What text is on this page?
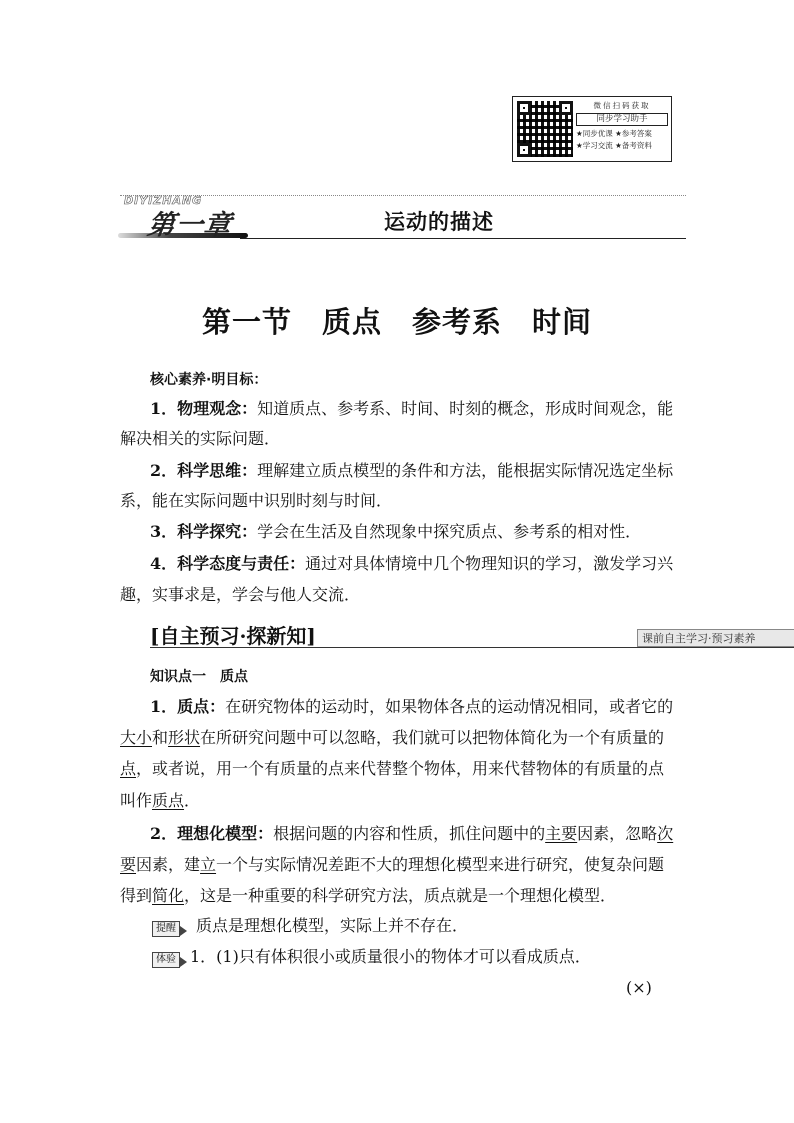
微信扫码获取
同步学习助手
★同步优课 ★参考答案
★学习交流 ★备考资料
DIYIZHANG
第一章	运动的描述
第一节　质点　参考系　时间
核心素养·明目标：
1．物理观念：知道质点、参考系、时间、时刻的概念，形成时间观念，能
解决相关的实际问题．
2．科学思维：理解建立质点模型的条件和方法，能根据实际情况选定坐标
系，能在实际问题中识别时刻与时间．
3．科学探究：学会在生活及自然现象中探究质点、参考系的相对性．
4．科学态度与责任：通过对具体情境中几个物理知识的学习，激发学习兴
趣，实事求是，学会与他人交流．
[自主预习·探新知]	课前自主学习·预习素养
知识点一　质点
1．质点：在研究物体的运动时，如果物体各点的运动情况相同，或者它的
大小和形状在所研究问题中可以忽略，我们就可以把物体简化为一个有质量的
点，或者说，用一个有质量的点来代替整个物体，用来代替物体的有质量的点
叫作质点．
2．理想化模型：根据问题的内容和性质，抓住问题中的主要因素，忽略次
要因素，建立一个与实际情况差距不大的理想化模型来进行研究，使复杂问题
得到简化，这是一种重要的科学研究方法，质点就是一个理想化模型．
提醒 质点是理想化模型，实际上并不存在．
体验 1．(1)只有体积很小或质量很小的物体才可以看成质点．
(×)
